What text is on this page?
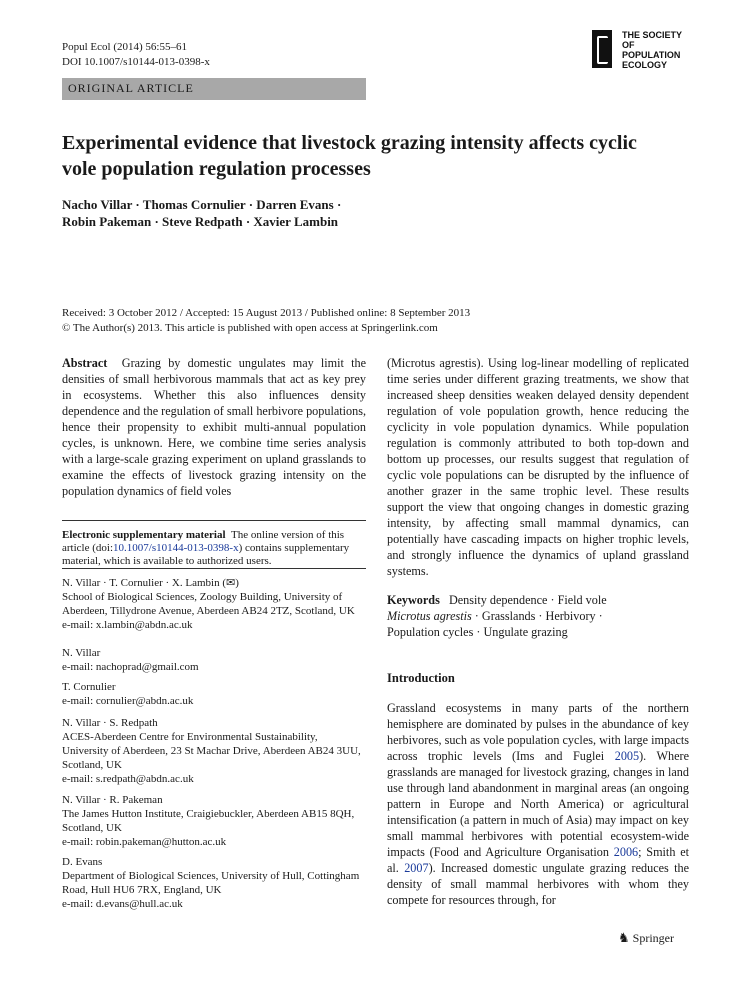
Popul Ecol (2014) 56:55–61
DOI 10.1007/s10144-013-0398-x
THE SOCIETY
OF
POPULATION
ECOLOGY
ORIGINAL ARTICLE
Experimental evidence that livestock grazing intensity affects cyclic vole population regulation processes
Nacho Villar · Thomas Cornulier · Darren Evans ·
Robin Pakeman · Steve Redpath · Xavier Lambin
Received: 3 October 2012 / Accepted: 15 August 2013 / Published online: 8 September 2013
© The Author(s) 2013. This article is published with open access at Springerlink.com
Abstract Grazing by domestic ungulates may limit the densities of small herbivorous mammals that act as key prey in ecosystems. Whether this also influences density dependence and the regulation of small herbivore populations, hence their propensity to exhibit multi-annual population cycles, is unknown. Here, we combine time series analysis with a large-scale grazing experiment on upland grasslands to examine the effects of livestock grazing intensity on the population dynamics of field voles
Electronic supplementary material The online version of this article (doi:10.1007/s10144-013-0398-x) contains supplementary material, which is available to authorized users.
N. Villar · T. Cornulier · X. Lambin (✉)
School of Biological Sciences, Zoology Building, University of Aberdeen, Tillydrone Avenue, Aberdeen AB24 2TZ, Scotland, UK
e-mail: x.lambin@abdn.ac.uk
N. Villar
e-mail: nachoprad@gmail.com
T. Cornulier
e-mail: cornulier@abdn.ac.uk
N. Villar · S. Redpath
ACES-Aberdeen Centre for Environmental Sustainability, University of Aberdeen, 23 St Machar Drive, Aberdeen AB24 3UU, Scotland, UK
e-mail: s.redpath@abdn.ac.uk
N. Villar · R. Pakeman
The James Hutton Institute, Craigiebuckler, Aberdeen AB15 8QH, Scotland, UK
e-mail: robin.pakeman@hutton.ac.uk
D. Evans
Department of Biological Sciences, University of Hull, Cottingham Road, Hull HU6 7RX, England, UK
e-mail: d.evans@hull.ac.uk
(Microtus agrestis). Using log-linear modelling of replicated time series under different grazing treatments, we show that increased sheep densities weaken delayed density dependent regulation of vole population growth, hence reducing the cyclicity in vole population dynamics. While population regulation is commonly attributed to both top-down and bottom up processes, our results suggest that regulation of cyclic vole populations can be disrupted by the influence of another grazer in the same trophic level. These results support the view that ongoing changes in domestic grazing intensity, by affecting small mammal dynamics, can potentially have cascading impacts on higher trophic levels, and strongly influence the dynamics of upland grassland systems.
Keywords Density dependence · Field vole
Microtus agrestis · Grasslands · Herbivory ·
Population cycles · Ungulate grazing
Introduction
Grassland ecosystems in many parts of the northern hemisphere are dominated by pulses in the abundance of key herbivores, such as vole population cycles, with large impacts across trophic levels (Ims and Fuglei 2005). Where grasslands are managed for livestock grazing, changes in land use through land abandonment in marginal areas (an ongoing pattern in Europe and North America) or agricultural intensification (a pattern in much of Asia) may impact on key small mammal herbivores with potential ecosystem-wide impacts (Food and Agriculture Organisation 2006; Smith et al. 2007). Increased domestic ungulate grazing reduces the density of small mammal herbivores with whom they compete for resources through, for
♞ Springer
